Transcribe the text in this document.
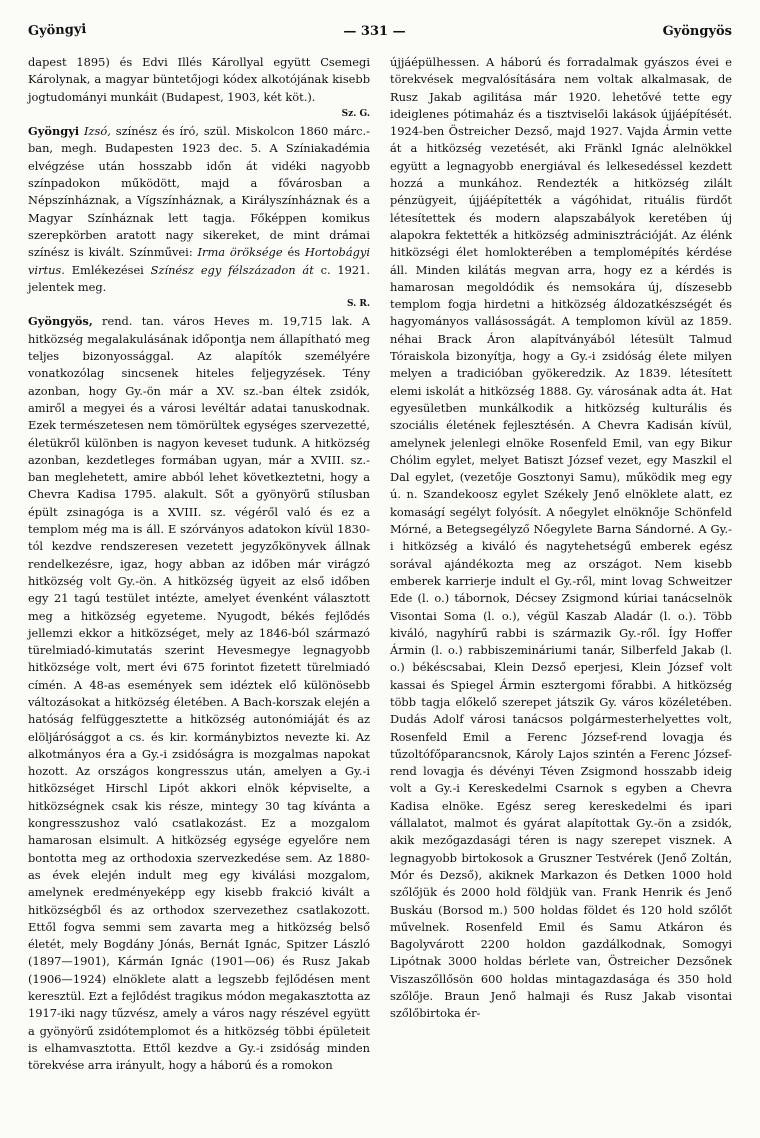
Gyöngyi	— 331 —	Gyöngyös

dapest 1895) és Edvi Illés Károllyal együtt Csemegi Károlynak, a magyar büntetőjogi kódex alkotójának kisebb jogtudományi munkáit (Budapest, 1903, két köt.).
Sz. G.

Gyöngyi Izsó, színész és író, szül. Miskolcon 1860 márc.-ban, megh. Budapesten 1923 dec. 5. A Színiakadémia elvégzése után hosszabb időn át vidéki nagyobb színpadokon működött, majd a fővárosban a Népszínháznak, a Vígszínháznak, a Királyszínháznak és a Magyar Színháznak lett tagja. Főképpen komikus szerepkörben aratott nagy sikereket, de mint drámai színész is kivált. Színművei: Irma öröksége és Hortobágyi virtus. Emlékezései Színész egy félszázadon át c. 1921. jelentek meg.
S. R.

Gyöngyös, rend. tan. város Heves m. 19,715 lak. A hitközség megalakulásának időpontja nem állapítható meg teljes bizonyossággal. Az alapítók személyére vonatkozólag sincsenek hiteles feljegyzések. Tény azonban, hogy Gy.-ön már a XV. sz.-ban éltek zsidók, amiről a megyei és a városi levéltár adatai tanuskodnak. Ezek természetesen nem tömörültek egységes szervezetté, életükről különben is nagyon keveset tudunk. A hitközség azonban, kezdetleges formában ugyan, már a XVIII. sz.-ban meglehetett, amire abból lehet következtetni, hogy a Chevra Kadisa 1795. alakult. Sőt a gyönyörű stílusban épült zsinagóga is a XVIII. sz. végéről való és ez a templom még ma is áll. E szórványos adatokon kívül 1830-tól kezdve rendszeresen vezetett jegyzőkönyvek állnak rendelkezésre, igaz, hogy abban az időben már virágzó hitközség volt Gy.-ön. A hitközség ügyeit az első időben egy 21 tagú testület intézte, amelyet évenként választott meg a hitközség egyeteme. Nyugodt, békés fejlődés jellemzi ekkor a hitközséget, mely az 1846-ból származó türelmiadó-kimutatás szerint Hevesmegye legnagyobb hitközsége volt, mert évi 675 forintot fizetett türelmiadó címén. A 48-as események sem idéztek elő különösebb változásokat a hitközség életében. A Bach-korszak elején a hatóság felfüggesztette a hitközség autonómiáját és az elöljárósággot a cs. és kir. kormánybiztos nevezte ki. Az alkotmányos éra a Gy.-i zsidóságra is mozgalmas napokat hozott. Az országos kongresszus után, amelyen a Gy.-i hitközséget Hirschl Lipót akkori elnök képviselte, a hitközségnek csak kis része, mintegy 30 tag kívánta a kongresszushoz való csatlakozást. Ez a mozgalom hamarosan elsimult. A hitközség egysége egyelőre nem bontotta meg az orthodoxia szervezkedése sem. Az 1880-as évek elején indult meg egy kiválási mozgalom, amelynek eredményeképp egy kisebb frakció kivált a hitközségből és az orthodox szervezethez csatlakozott. Ettől fogva semmi sem zavarta meg a hitközség belső életét, mely Bogdány Jónás, Bernát Ignác, Spitzer László (1897—1901), Kármán Ignác (1901—06) és Rusz Jakab (1906—1924) elnöklete alatt a legszebb fejlődésen ment keresztül. Ezt a fejlődést tragikus módon megakasztotta az 1917-iki nagy tűzvész, amely a város nagy részével együtt a gyönyörű zsidótemplomot és a hitközség többi épületeit is elhamvasztotta. Ettől kezdve a Gy.-i zsidóság minden törekvése arra irányult, hogy a háború és a romokon

újjáépülhessen. A háború és forradalmak gyászos évei e törekvések megvalósítására nem voltak alkalmasak, de Rusz Jakab agilitása már 1920. lehetővé tette egy ideiglenes pótimaház és a tisztviselői lakások újjáépítését. 1924-ben Östreicher Dezső, majd 1927. Vajda Ármin vette át a hitközség vezetését, aki Fränkl Ignác alelnökkel együtt a legnagyobb energiával és lelkesedéssel kezdett hozzá a munkához. Rendezték a hitközség zilált pénzügyeit, újjáépítették a vágóhidat, rituális fürdőt létesítettek és modern alapszabályok keretében új alapokra fektették a hitközség adminisztrációját. Az élénk hitközségi élet homlokterében a templomépítés kérdése áll. Minden kilátás megvan arra, hogy ez a kérdés is hamarosan megoldódik és nemsokára új, díszesebb templom fogja hirdetni a hitközség áldozatkészségét és hagyományos vallásosságát. A templomon kívül az 1859. néhai Brack Áron alapítványából létesült Talmud Tóraiskola bizonyítja, hogy a Gy.-i zsidóság élete milyen melyen a tradicióban gyökeredzik. Az 1839. létesített elemi iskolát a hitközség 1888. Gy. városának adta át. Hat egyesületben munkálkodik a hitközség kulturális és szociális életének fejlesztésén. A Chevra Kadisán kívül, amelynek jelenlegi elnöke Rosenfeld Emil, van egy Bikur Chólim egylet, melyet Batiszt József vezet, egy Maszkil el Dal egylet, (vezetője Gosztonyi Samu), működik meg egy ú. n. Szandekoosz egylet Székely Jenő elnöklete alatt, ez komaságí segélyt folyósít. A nőegylet elnöknője Schönfeld Mórné, a Betegsegélyző Nőegylete Barna Sándorné. A Gy.-i hitközség a kiváló és nagytehetségű emberek egész sorával ajándékozta meg az országot. Nem kisebb emberek karrierje indult el Gy.-ről, mint lovag Schweitzer Ede (l. o.) tábornok, Décsey Zsigmond kúriai tanácselnök Visontai Soma (l. o.), végül Kaszab Aladár (l. o.). Több kiváló, nagyhírű rabbi is származik Gy.-ről. Így Hoffer Ármin (l. o.) rabbiszemináriumi tanár, Silberfeld Jakab (l. o.) békéscsabai, Klein Dezső eperjesi, Klein József volt kassai és Spiegel Ármin esztergomi főrabbi. A hitközség több tagja előkelő szerepet játszik Gy. város közéletében. Dudás Adolf városi tanácsos polgármesterhelyettes volt, Rosenfeld Emil a Ferenc József-rend lovagja és tűzoltófőparancsnok, Károly Lajos szintén a Ferenc József-rend lovagja és dévényi Téven Zsigmond hosszabb ideig volt a Gy.-i Kereskedelmi Csarnok s egyben a Chevra Kadisa elnöke. Egész sereg kereskedelmi és ipari vállalatot, malmot és gyárat alapítottak Gy.-ön a zsidók, akik mezőgazdasági téren is nagy szerepet visznek. A legnagyobb birtokosok a Gruszner Testvérek (Jenő Zoltán, Mór és Dezső), akiknek Markazon és Detken 1000 hold szőlőjük és 2000 hold földjük van. Frank Henrik és Jenő Buskáu (Borsod m.) 500 holdas földet és 120 hold szőlőt művelnek. Rosenfeld Emil és Samu Atkáron és Bagolyvárott 2200 holdon gazdálkodnak, Somogyi Lipótnak 3000 holdas bérlete van, Östreicher Dezsőnek Viszaszőllősön 600 holdas mintagazdasága és 350 hold szőlője. Braun Jenő halmaji és Rusz Jakab visontai szőlőbirtoka ér-
